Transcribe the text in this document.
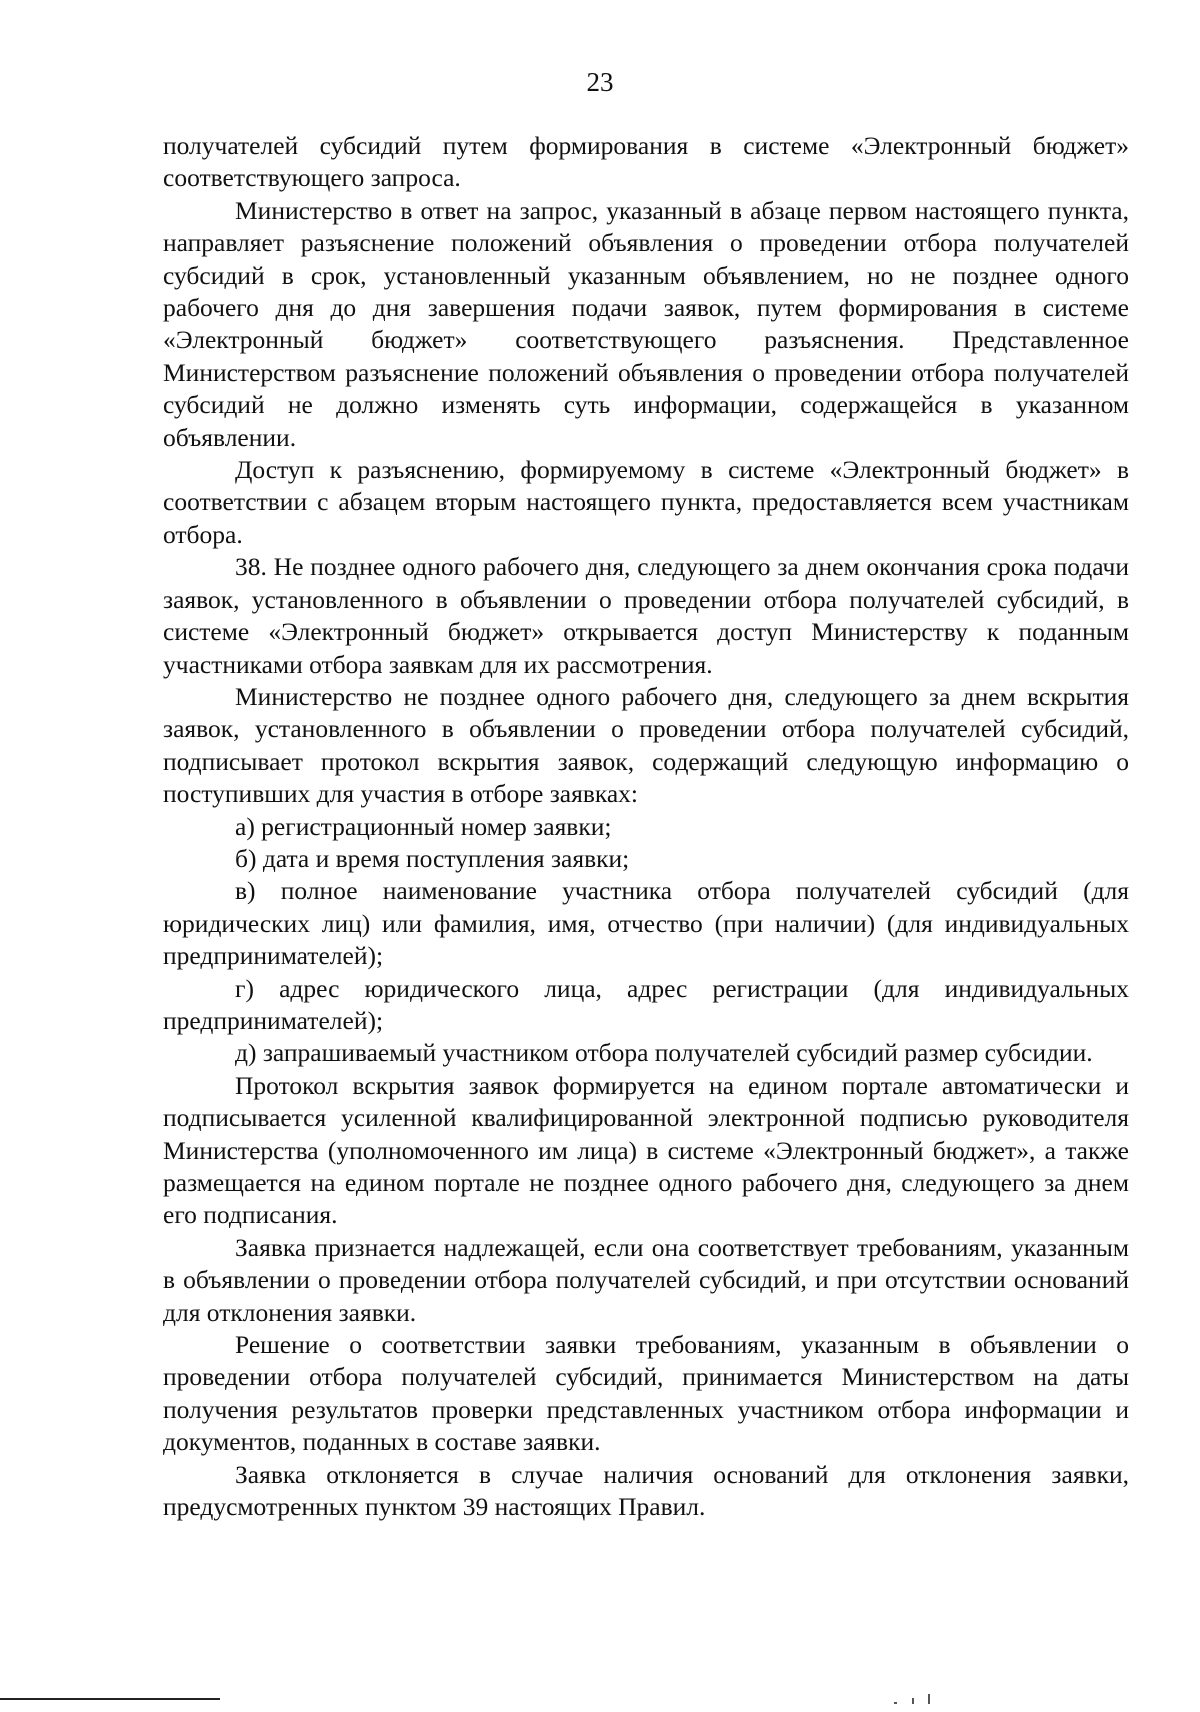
23

получателей субсидий путем формирования в системе «Электронный бюджет» соответствующего запроса.

Министерство в ответ на запрос, указанный в абзаце первом настоящего пункта, направляет разъяснение положений объявления о проведении отбора получателей субсидий в срок, установленный указанным объявлением, но не позднее одного рабочего дня до дня завершения подачи заявок, путем формирования в системе «Электронный бюджет» соответствующего разъяснения. Представленное Министерством разъяснение положений объявления о проведении отбора получателей субсидий не должно изменять суть информации, содержащейся в указанном объявлении.

Доступ к разъяснению, формируемому в системе «Электронный бюджет» в соответствии с абзацем вторым настоящего пункта, предоставляется всем участникам отбора.

38. Не позднее одного рабочего дня, следующего за днем окончания срока подачи заявок, установленного в объявлении о проведении отбора получателей субсидий, в системе «Электронный бюджет» открывается доступ Министерству к поданным участниками отбора заявкам для их рассмотрения.

Министерство не позднее одного рабочего дня, следующего за днем вскрытия заявок, установленного в объявлении о проведении отбора получателей субсидий, подписывает протокол вскрытия заявок, содержащий следующую информацию о поступивших для участия в отборе заявках:

а) регистрационный номер заявки;

б) дата и время поступления заявки;

в) полное наименование участника отбора получателей субсидий (для юридических лиц) или фамилия, имя, отчество (при наличии) (для индивидуальных предпринимателей);

г) адрес юридического лица, адрес регистрации (для индивидуальных предпринимателей);

д) запрашиваемый участником отбора получателей субсидий размер субсидии.

Протокол вскрытия заявок формируется на едином портале автоматически и подписывается усиленной квалифицированной электронной подписью руководителя Министерства (уполномоченного им лица) в системе «Электронный бюджет», а также размещается на едином портале не позднее одного рабочего дня, следующего за днем его подписания.

Заявка признается надлежащей, если она соответствует требованиям, указанным в объявлении о проведении отбора получателей субсидий, и при отсутствии оснований для отклонения заявки.

Решение о соответствии заявки требованиям, указанным в объявлении о проведении отбора получателей субсидий, принимается Министерством на даты получения результатов проверки представленных участником отбора информации и документов, поданных в составе заявки.

Заявка отклоняется в случае наличия оснований для отклонения заявки, предусмотренных пунктом 39 настоящих Правил.
